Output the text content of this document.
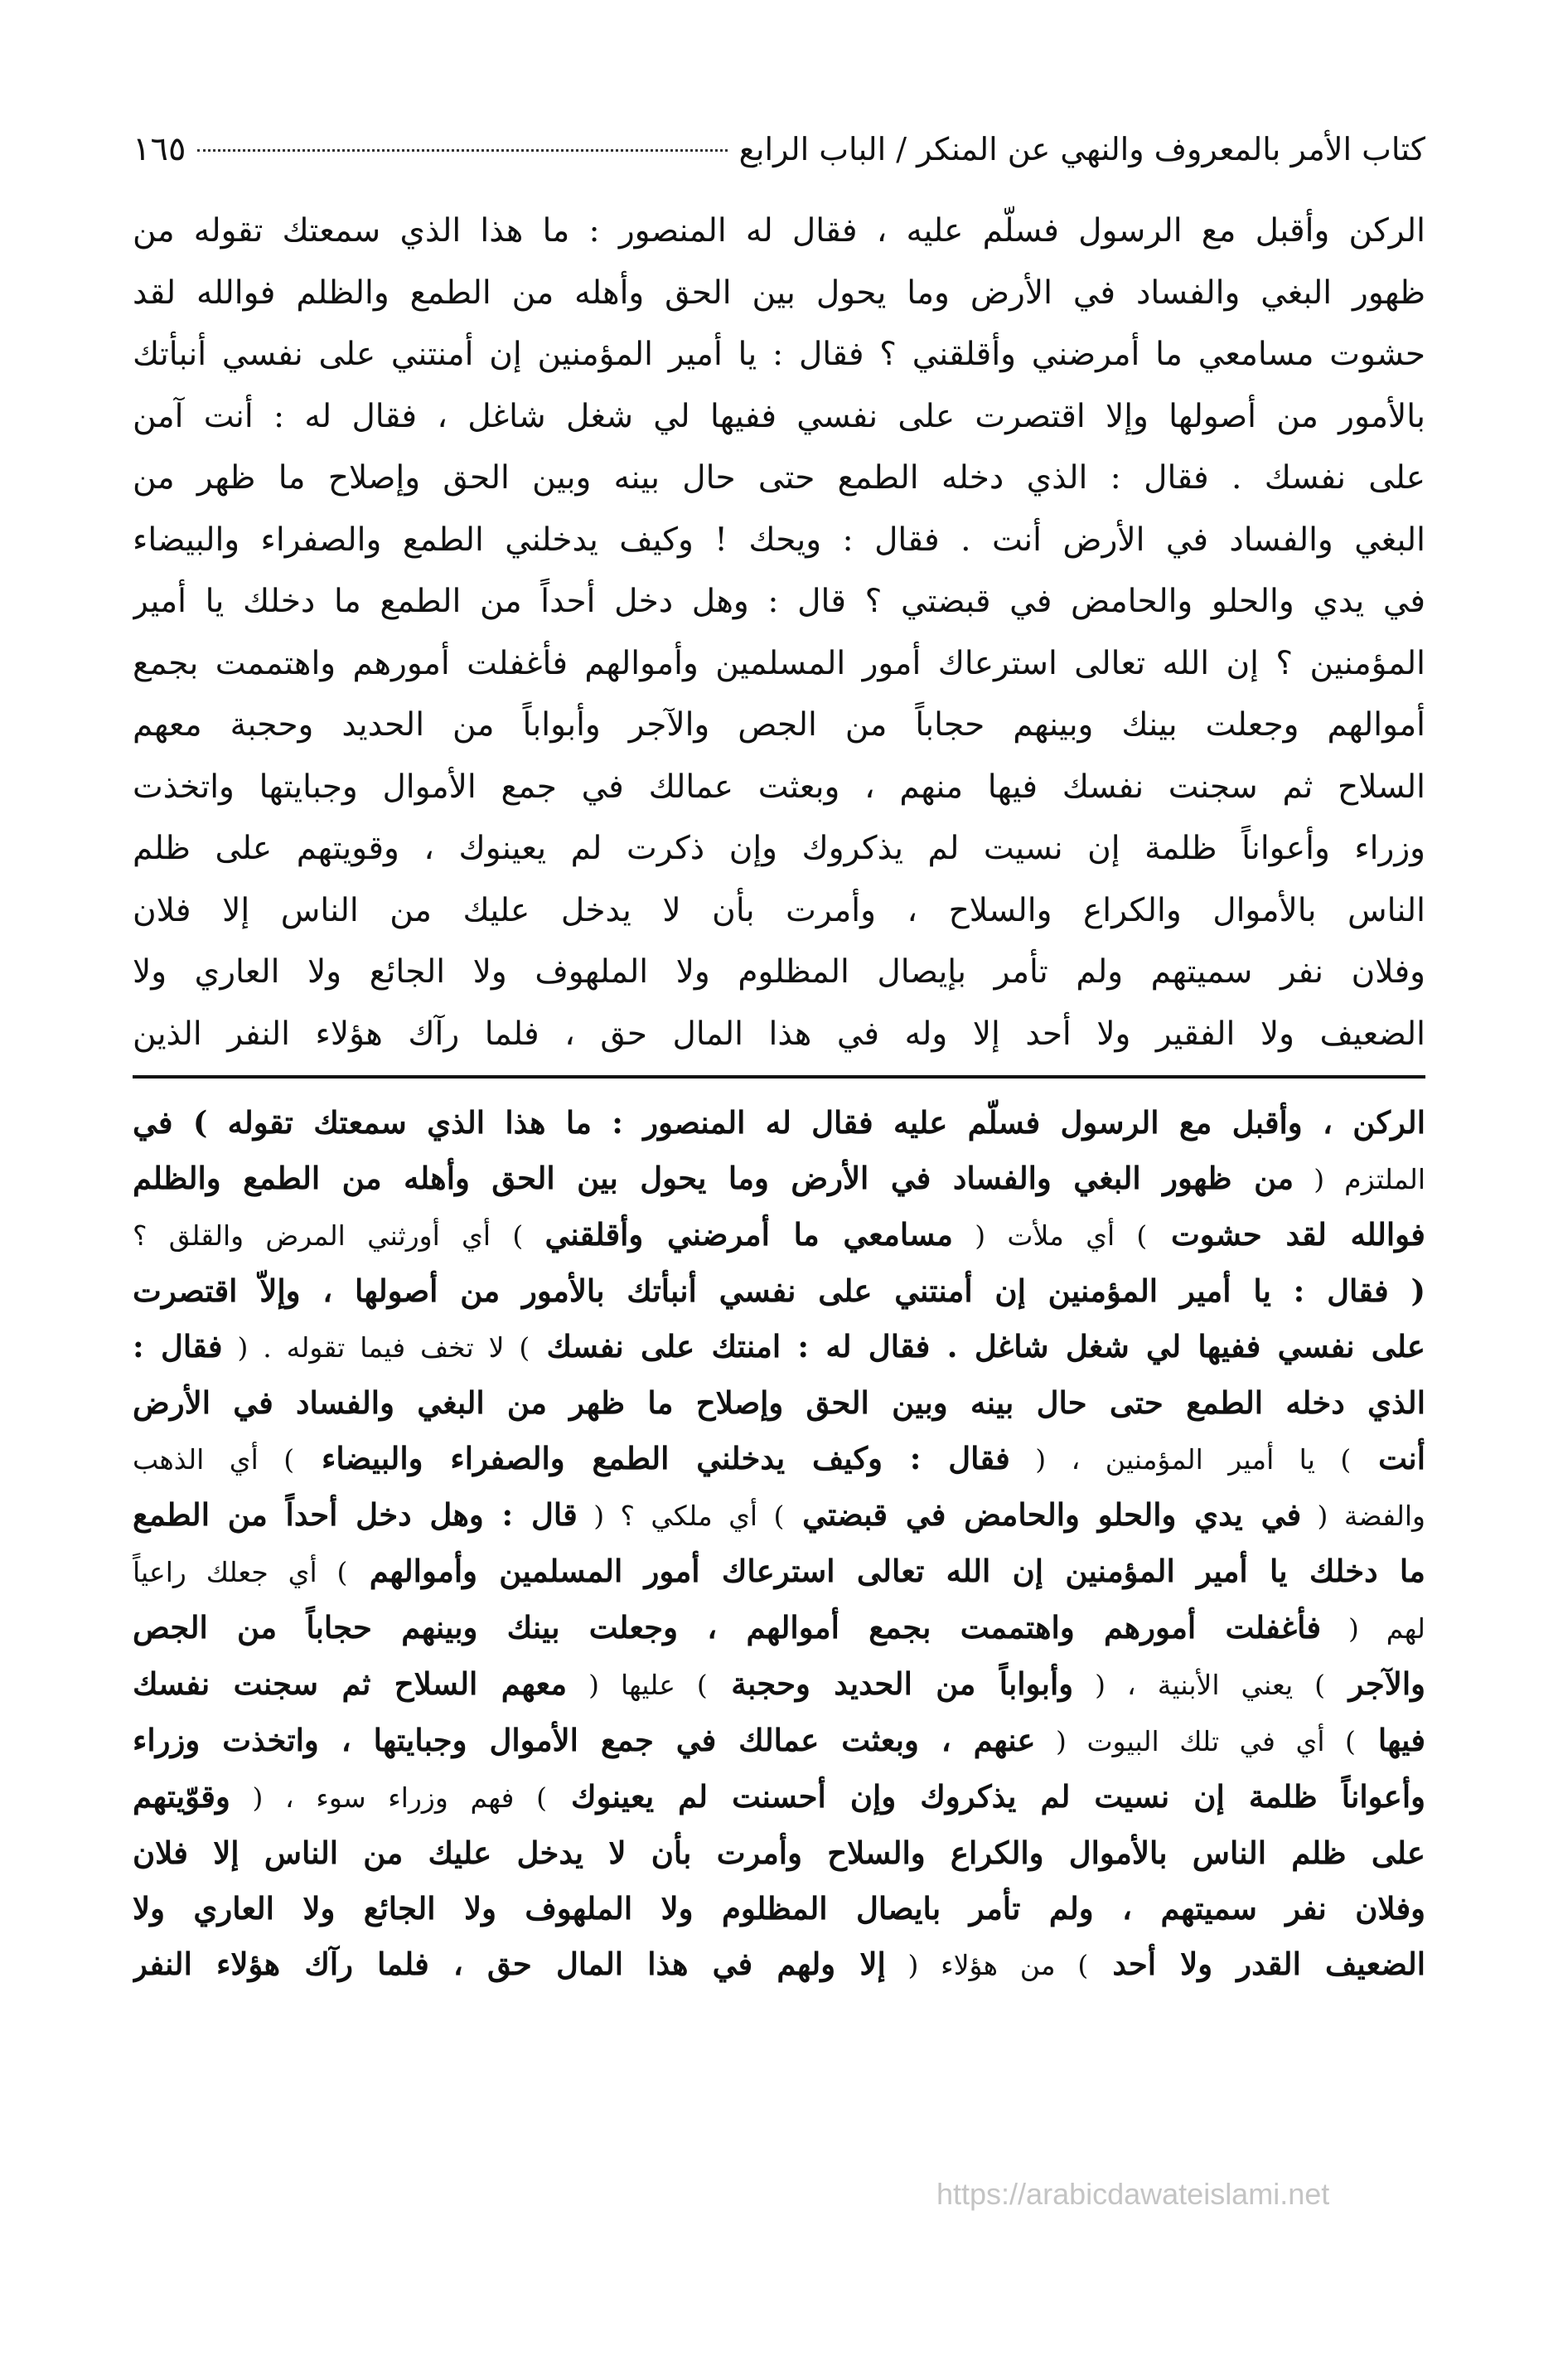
كتاب الأمر بالمعروف والنهي عن المنكر / الباب الرابع
١٦٥
الركن وأقبل مع الرسول فسلّم عليه ، فقال له المنصور : ما هذا الذي سمعتك تقوله من
ظهور البغي والفساد في الأرض وما يحول بين الحق وأهله من الطمع والظلم فوالله لقد
حشوت مسامعي ما أمرضني وأقلقني ؟ فقال : يا أمير المؤمنين إن أمنتني على نفسي أنبأتك
بالأمور من أصولها وإلا اقتصرت على نفسي ففيها لي شغل شاغل ، فقال له : أنت آمن
على نفسك . فقال : الذي دخله الطمع حتى حال بينه وبين الحق وإصلاح ما ظهر من
البغي والفساد في الأرض أنت . فقال : ويحك ! وكيف يدخلني الطمع والصفراء والبيضاء
في يدي والحلو والحامض في قبضتي ؟ قال : وهل دخل أحداً من الطمع ما دخلك يا أمير
المؤمنين ؟ إن الله تعالى استرعاك أمور المسلمين وأموالهم فأغفلت أمورهم واهتممت بجمع
أموالهم وجعلت بينك وبينهم حجاباً من الجص والآجر وأبواباً من الحديد وحجبة معهم
السلاح ثم سجنت نفسك فيها منهم ، وبعثت عمالك في جمع الأموال وجبايتها واتخذت
وزراء وأعواناً ظلمة إن نسيت لم يذكروك وإن ذكرت لم يعينوك ، وقويتهم على ظلم
الناس بالأموال والكراع والسلاح ، وأمرت بأن لا يدخل عليك من الناس إلا فلان
وفلان نفر سميتهم ولم تأمر بإيصال المظلوم ولا الملهوف ولا الجائع ولا العاري ولا
الضعيف ولا الفقير ولا أحد إلا وله في هذا المال حق ، فلما رآك هؤلاء النفر الذين
الركن ، وأقبل مع الرسول فسلّم عليه فقال له المنصور : ما هذا الذي سمعتك تقوله ) في
الملتزم ( من ظهور البغي والفساد في الأرض وما يحول بين الحق وأهله من الطمع والظلم
فوالله لقد حشوت ) أي ملأت ( مسامعي ما أمرضني وأقلقني ) أي أورثني المرض والقلق ؟
( فقال : يا أمير المؤمنين إن أمنتني على نفسي أنبأتك بالأمور من أصولها ، وإلاّ اقتصرت
على نفسي ففيها لي شغل شاغل . فقال له : امنتك على نفسك ) لا تخف فيما تقوله . ( فقال :
الذي دخله الطمع حتى حال بينه وبين الحق وإصلاح ما ظهر من البغي والفساد في الأرض
أنت ) يا أمير المؤمنين ، ( فقال : وكيف يدخلني الطمع والصفراء والبيضاء ) أي الذهب
والفضة ( في يدي والحلو والحامض في قبضتي ) أي ملكي ؟ ( قال : وهل دخل أحداً من الطمع
ما دخلك يا أمير المؤمنين إن الله تعالى استرعاك أمور المسلمين وأموالهم ) أي جعلك راعياً
لهم ( فأغفلت أمورهم واهتممت بجمع أموالهم ، وجعلت بينك وبينهم حجاباً من الجص
والآجر ) يعني الأبنية ، ( وأبواباً من الحديد وحجبة ) عليها ( معهم السلاح ثم سجنت نفسك
فيها ) أي في تلك البيوت ( عنهم ، وبعثت عمالك في جمع الأموال وجبايتها ، واتخذت وزراء
وأعواناً ظلمة إن نسيت لم يذكروك وإن أحسنت لم يعينوك ) فهم وزراء سوء ، ( وقوّيتهم
على ظلم الناس بالأموال والكراع والسلاح وأمرت بأن لا يدخل عليك من الناس إلا فلان
وفلان نفر سميتهم ، ولم تأمر بايصال المظلوم ولا الملهوف ولا الجائع ولا العاري ولا
الضعيف القدر ولا أحد ) من هؤلاء ( إلا ولهم في هذا المال حق ، فلما رآك هؤلاء النفر
https://arabicdawateislami.net
